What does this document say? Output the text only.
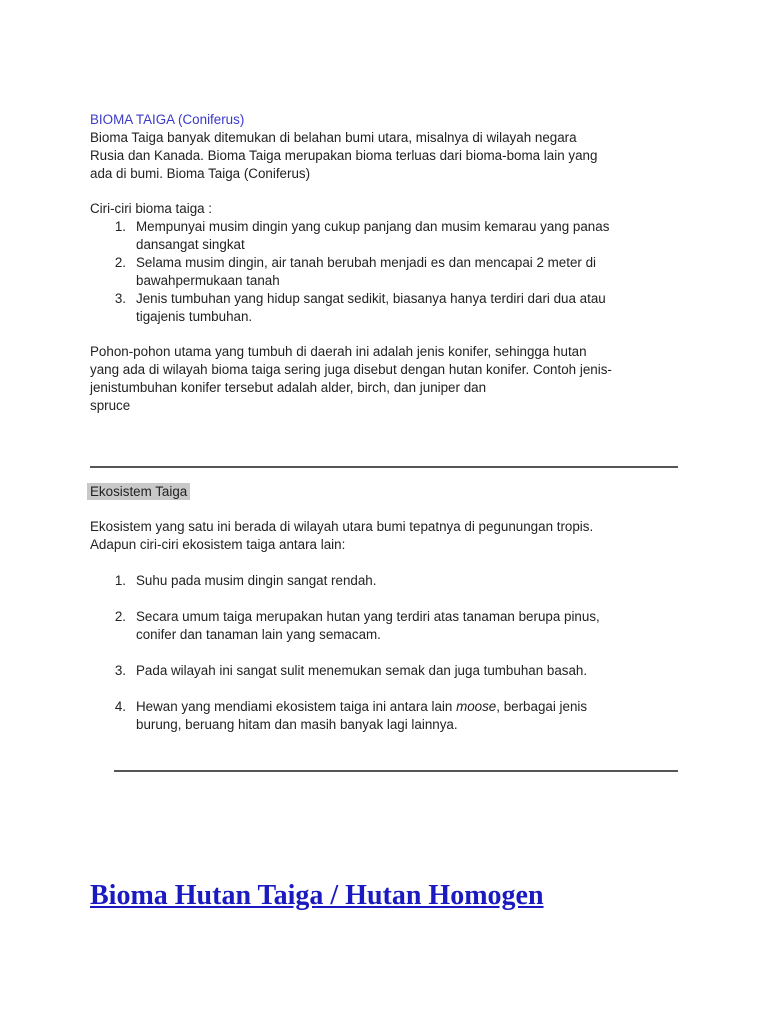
BIOMA TAIGA (Coniferus)
Bioma Taiga banyak ditemukan di belahan bumi utara, misalnya di wilayah negara
Rusia dan Kanada. Bioma Taiga merupakan bioma terluas dari bioma-boma lain yang
ada di bumi. Bioma Taiga (Coniferus)
Ciri-ciri bioma taiga :
1. Mempunyai musim dingin yang cukup panjang dan musim kemarau yang panas
dansangat singkat
2. Selama musim dingin, air tanah berubah menjadi es dan mencapai 2 meter di
bawahpermukaan tanah
3. Jenis tumbuhan yang hidup sangat sedikit, biasanya hanya terdiri dari dua atau
tigajenis tumbuhan.
Pohon-pohon utama yang tumbuh di daerah ini adalah jenis konifer, sehingga hutan
yang ada di wilayah bioma taiga sering juga disebut dengan hutan konifer. Contoh jenis-
jenistumbuhan konifer tersebut adalah alder, birch, dan juniper dan
spruce
Ekosistem Taiga
Ekosistem yang satu ini berada di wilayah utara bumi tepatnya di pegunungan tropis.
Adapun ciri-ciri ekosistem taiga antara lain:
1. Suhu pada musim dingin sangat rendah.
2. Secara umum taiga merupakan hutan yang terdiri atas tanaman berupa pinus,
conifer dan tanaman lain yang semacam.
3. Pada wilayah ini sangat sulit menemukan semak dan juga tumbuhan basah.
4. Hewan yang mendiami ekosistem taiga ini antara lain moose, berbagai jenis
burung, beruang hitam dan masih banyak lagi lainnya.
Bioma Hutan Taiga / Hutan Homogen
